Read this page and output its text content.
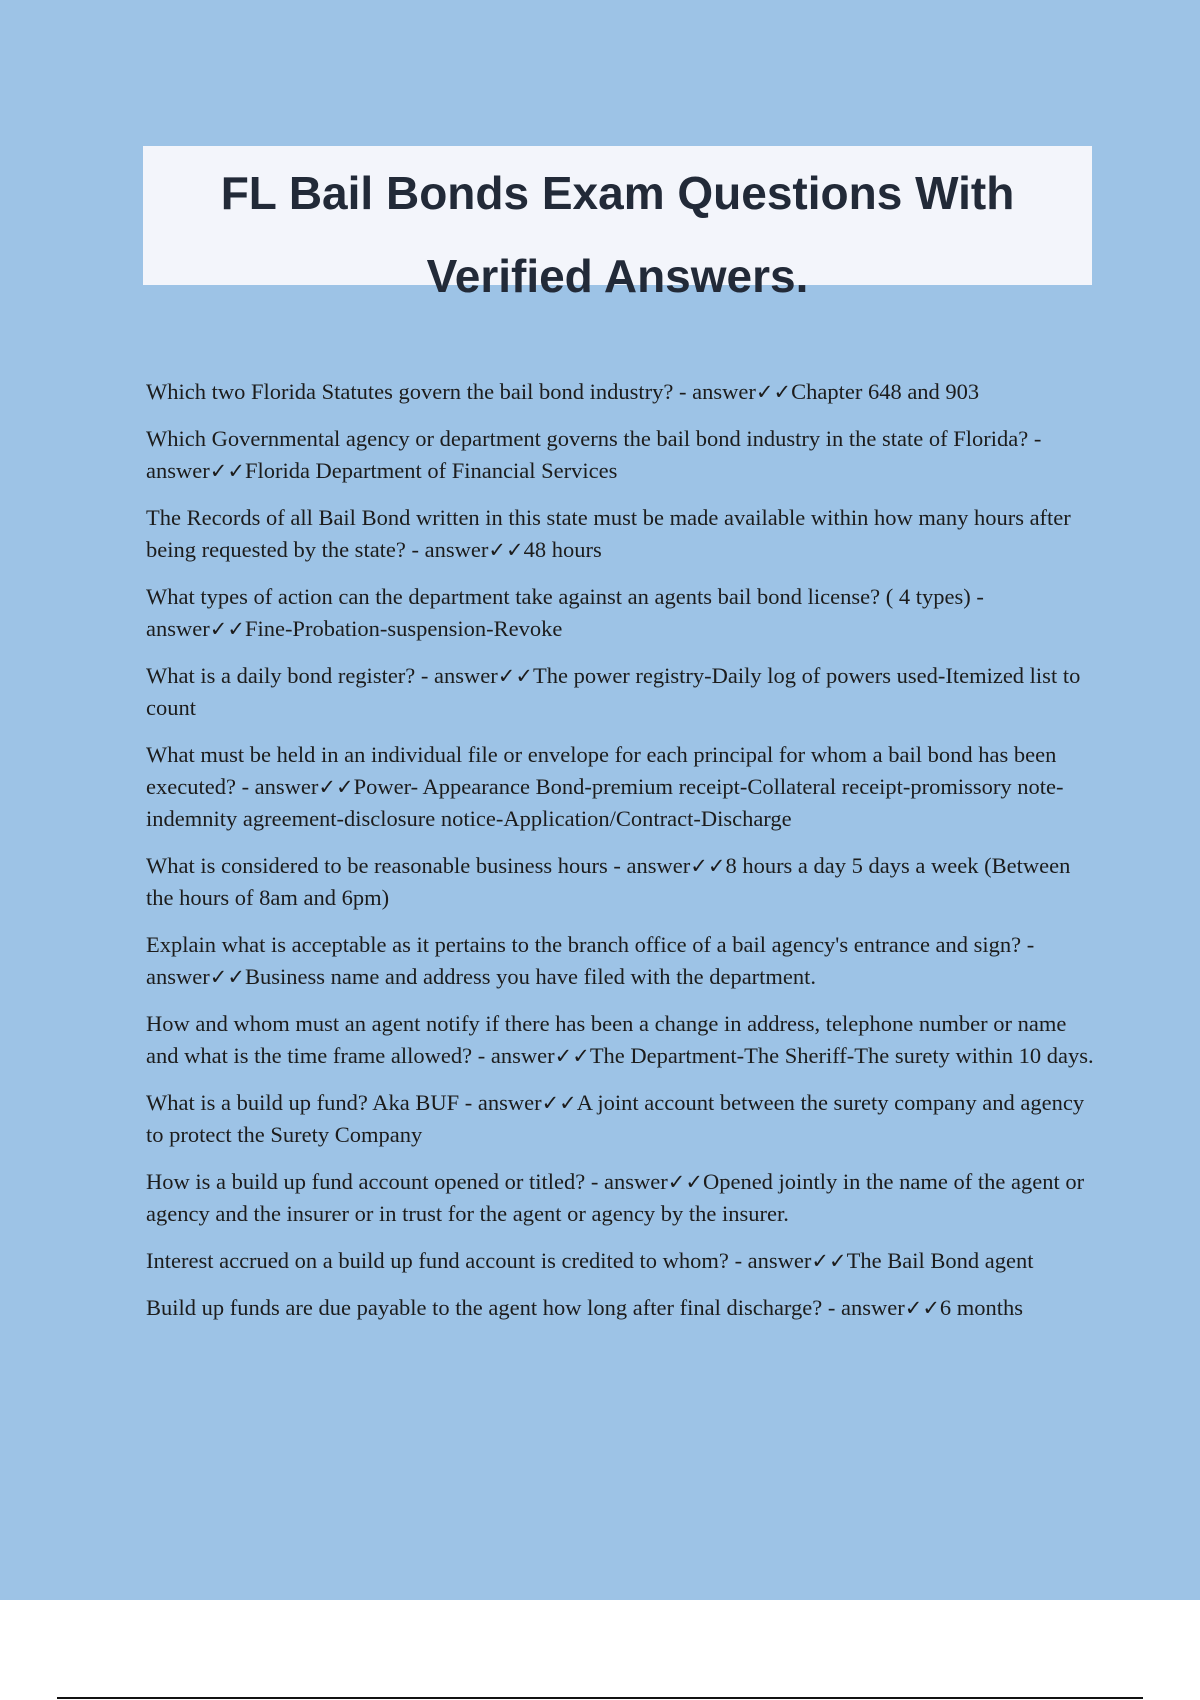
FL Bail Bonds Exam Questions With
Verified Answers.

Which two Florida Statutes govern the bail bond industry? - answer✓✓Chapter 648 and 903

Which Governmental agency or department governs the bail bond industry in the state of Florida? - answer✓✓Florida Department of Financial Services

The Records of all Bail Bond written in this state must be made available within how many hours after being requested by the state? - answer✓✓48 hours

What types of action can the department take against an agents bail bond license? ( 4 types) - answer✓✓Fine-Probation-suspension-Revoke

What is a daily bond register? - answer✓✓The power registry-Daily log of powers used-Itemized list to count

What must be held in an individual file or envelope for each principal for whom a bail bond has been executed? - answer✓✓Power- Appearance Bond-premium receipt-Collateral receipt-promissory note-indemnity agreement-disclosure notice-Application/Contract-Discharge

What is considered to be reasonable business hours - answer✓✓8 hours a day 5 days a week (Between the hours of 8am and 6pm)

Explain what is acceptable as it pertains to the branch office of a bail agency's entrance and sign? - answer✓✓Business name and address you have filed with the department.

How and whom must an agent notify if there has been a change in address, telephone number or name and what is the time frame allowed? - answer✓✓The Department-The Sheriff-The surety within 10 days.

What is a build up fund? Aka BUF - answer✓✓A joint account between the surety company and agency to protect the Surety Company

How is a build up fund account opened or titled? - answer✓✓Opened jointly in the name of the agent or agency and the insurer or in trust for the agent or agency by the insurer.

Interest accrued on a build up fund account is credited to whom? - answer✓✓The Bail Bond agent

Build up funds are due payable to the agent how long after final discharge? - answer✓✓6 months
